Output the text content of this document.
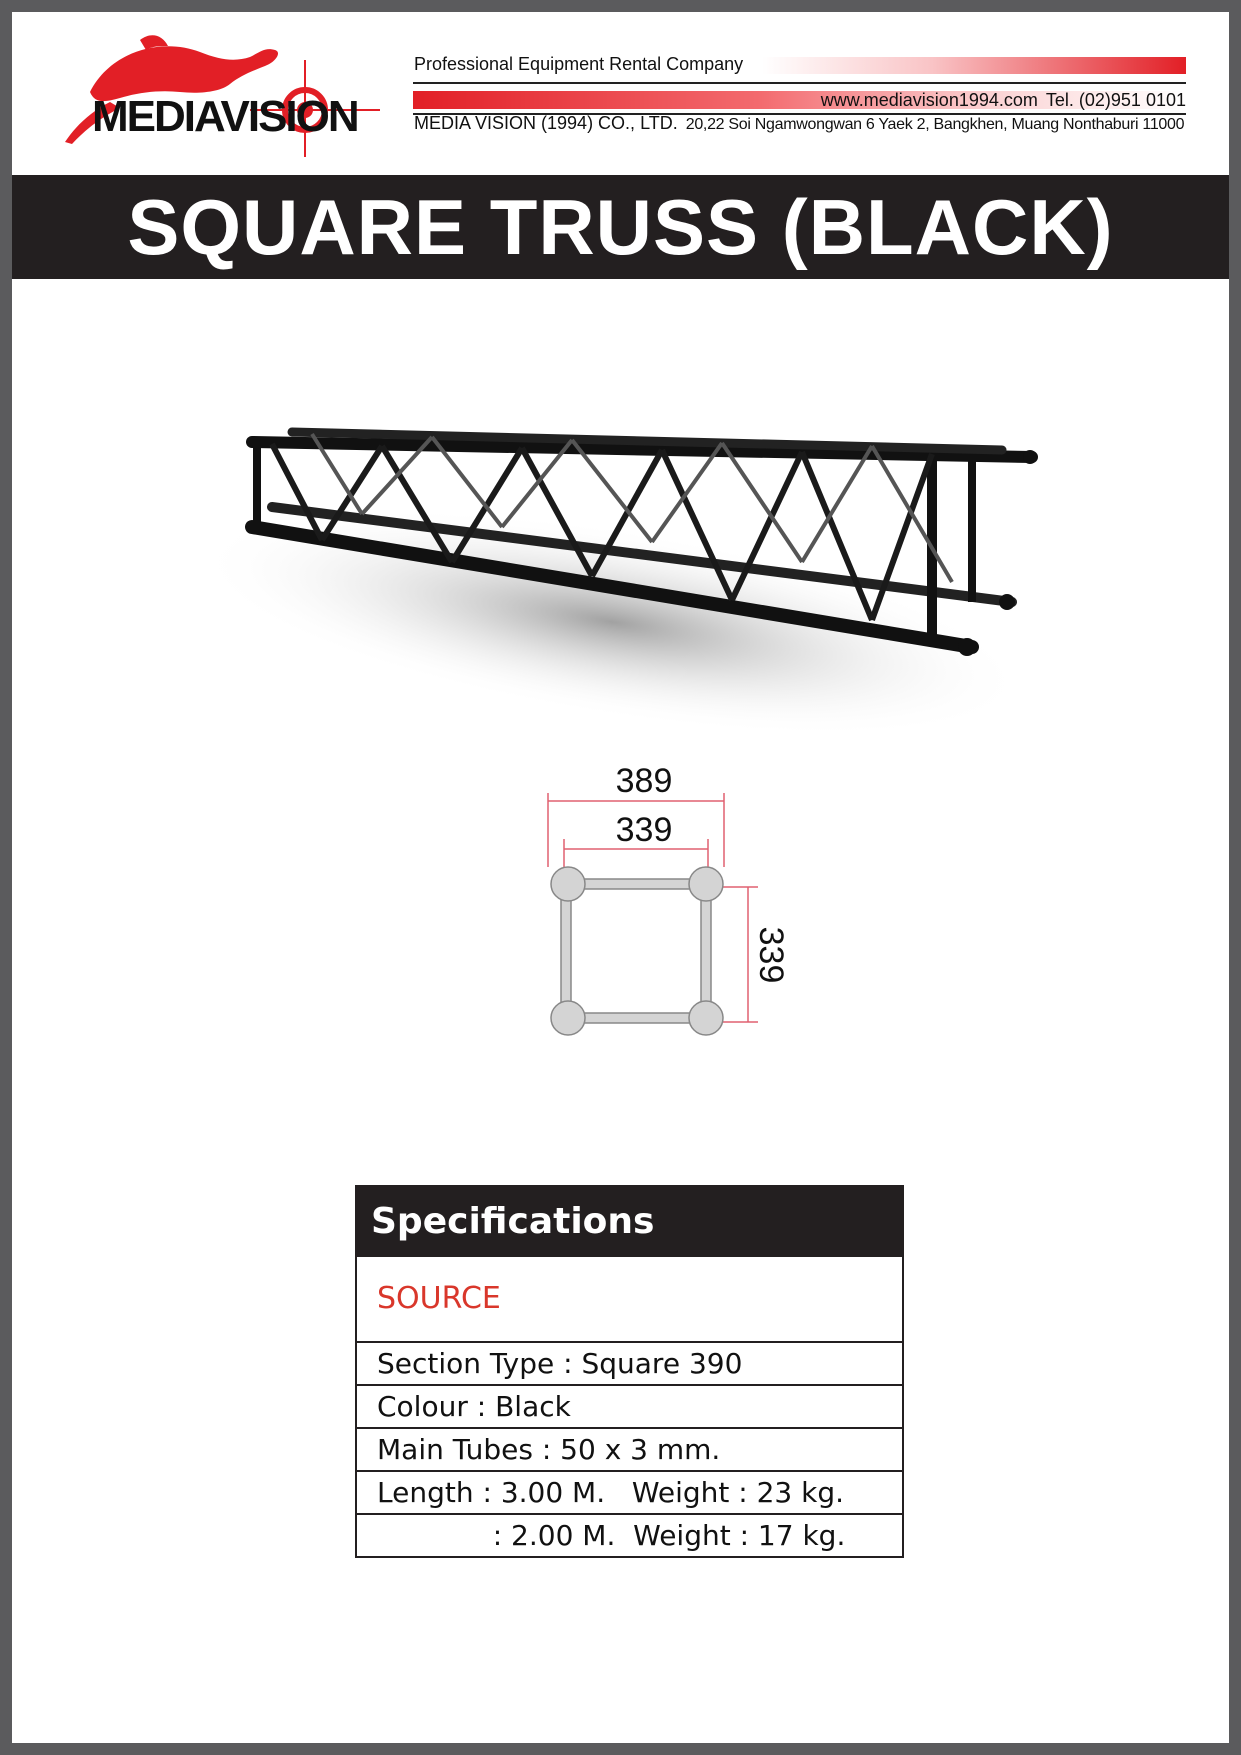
MEDIAVISION
Professional Equipment Rental Company
www.mediavision1994.com Tel. (02)951 0101
MEDIA VISION (1994) CO., LTD. 20,22 Soi Ngamwongwan 6 Yaek 2, Bangkhen, Muang Nonthaburi 11000
SQUARE TRUSS (BLACK)
389
339
339
Specifications
SOURCE
Section Type : Square 390
Colour : Black
Main Tubes : 50 x 3 mm.
Length : 3.00 M.   Weight : 23 kg.
: 2.00 M.  Weight : 17 kg.
